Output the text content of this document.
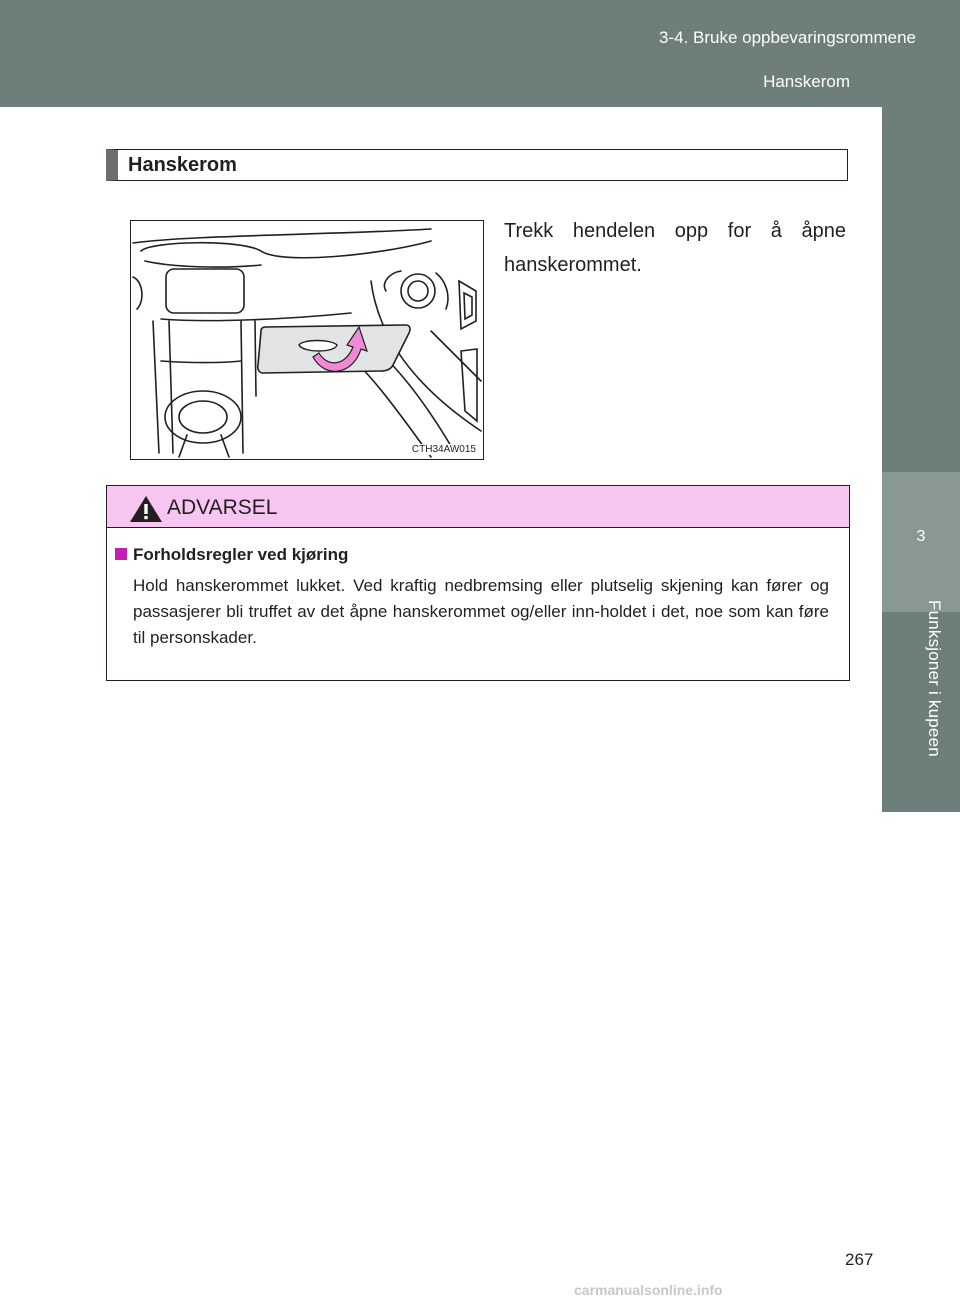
3-4. Bruke oppbevaringsrommene
Hanskerom
3
Funksjoner i kupeen
Hanskerom
CTH34AW015
Trekk hendelen opp for å åpne hanskerommet.
ADVARSEL
Forholdsregler ved kjøring
Hold hanskerommet lukket. Ved kraftig nedbremsing eller plutselig skjening kan fører og passasjerer bli truffet av det åpne hanskerommet og/eller inn-holdet i det, noe som kan føre til personskader.
267
carmanualsonline.info
